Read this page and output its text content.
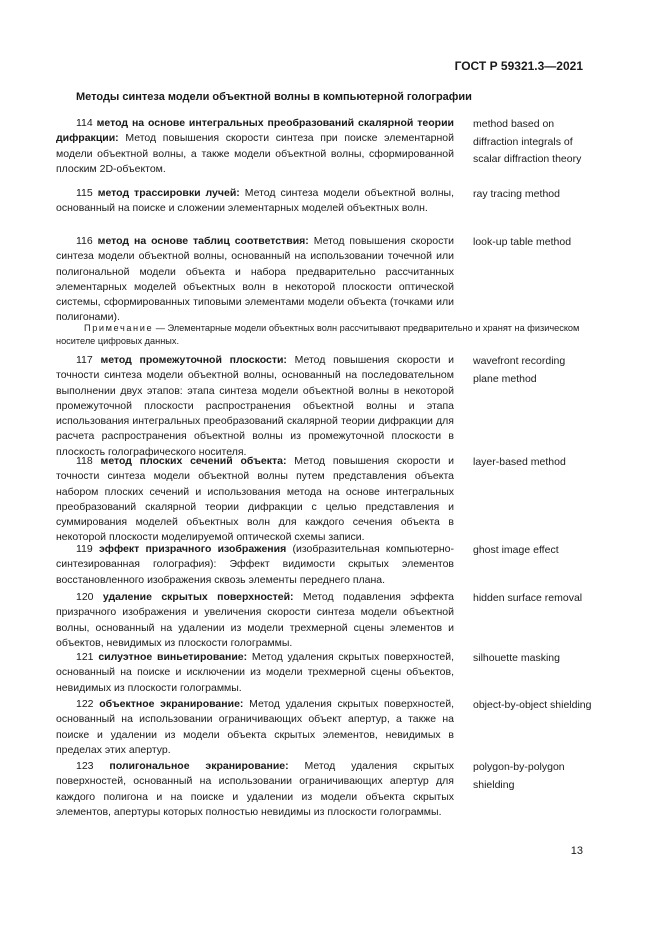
ГОСТ Р 59321.3—2021
Методы синтеза модели объектной волны в компьютерной голографии
114 метод на основе интегральных преобразований скалярной теории дифракции: Метод повышения скорости синтеза при поиске элементарной модели объектной волны, а также модели объектной волны, сформированной плоским 2D-объектом.
method based on diffraction integrals of scalar diffraction theory
115 метод трассировки лучей: Метод синтеза модели объектной волны, основанный на поиске и сложении элементарных моделей объектных волн.
ray tracing method
116 метод на основе таблиц соответствия: Метод повышения скорости синтеза модели объектной волны, основанный на использовании точечной или полигональной модели объекта и набора предварительно рассчитанных элементарных моделей объектных волн в некоторой плоскости оптической системы, сформированных типовыми элементами модели объекта (точками или полигонами).
look-up table method
Примечание — Элементарные модели объектных волн рассчитывают предварительно и хранят на физическом носителе цифровых данных.
117 метод промежуточной плоскости: Метод повышения скорости и точности синтеза модели объектной волны, основанный на последовательном выполнении двух этапов: этапа синтеза модели объектной волны в некоторой промежуточной плоскости распространения объектной волны и этапа использования интегральных преобразований скалярной теории дифракции для расчета распространения объектной волны из промежуточной плоскости в плоскость голографического носителя.
wavefront recording plane method
118 метод плоских сечений объекта: Метод повышения скорости и точности синтеза модели объектной волны путем представления объекта набором плоских сечений и использования метода на основе интегральных преобразований скалярной теории дифракции с целью представления и суммирования моделей объектных волн для каждого сечения объекта в некоторой плоскости моделируемой оптической схемы записи.
layer-based method
119 эффект призрачного изображения (изобразительная компьютерно-синтезированная голография): Эффект видимости скрытых элементов восстановленного изображения сквозь элементы переднего плана.
ghost image effect
120 удаление скрытых поверхностей: Метод подавления эффекта призрачного изображения и увеличения скорости синтеза модели объектной волны, основанный на удалении из модели трехмерной сцены элементов и объектов, невидимых из плоскости голограммы.
hidden surface removal
121 силуэтное виньетирование: Метод удаления скрытых поверхностей, основанный на поиске и исключении из модели трехмерной сцены объектов, невидимых из плоскости голограммы.
silhouette masking
122 объектное экранирование: Метод удаления скрытых поверхностей, основанный на использовании ограничивающих объект апертур, а также на поиске и удалении из модели объекта скрытых элементов, невидимых в пределах этих апертур.
object-by-object shielding
123 полигональное экранирование: Метод удаления скрытых поверхностей, основанный на использовании ограничивающих апертур для каждого полигона и на поиске и удалении из модели объекта скрытых элементов, апертуры которых полностью невидимы из плоскости голограммы.
polygon-by-polygon shielding
13
